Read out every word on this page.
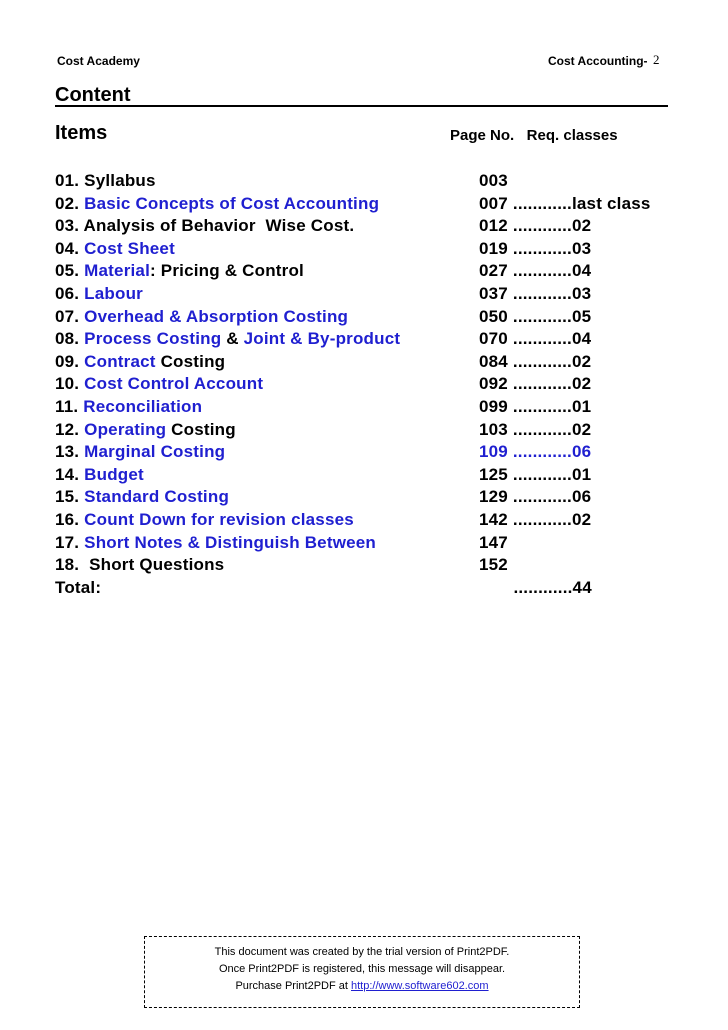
Cost Academy	Cost Accounting- 2
Content
Items	Page No.   Req. classes
01. Syllabus	003
02. Basic Concepts of Cost Accounting	007 ............last class
03. Analysis of Behavior  Wise Cost.	012 ............02
04. Cost Sheet	019 ............03
05. Material: Pricing & Control	027 ............04
06. Labour	037 ............03
07. Overhead & Absorption Costing	050 ............05
08. Process Costing & Joint & By-product	070 ............04
09. Contract Costing	084 ............02
10. Cost Control Account	092 ............02
11. Reconciliation	099 ............01
12. Operating Costing	103 ............02
13. Marginal Costing	109 ............06
14. Budget	125 ............01
15. Standard Costing	129 ............06
16. Count Down for revision classes	142 ............02
17. Short Notes & Distinguish Between	147
18.  Short Questions	152
Total:	............44
This document was created by the trial version of Print2PDF.
Once Print2PDF is registered, this message will disappear.
Purchase Print2PDF at http://www.software602.com
